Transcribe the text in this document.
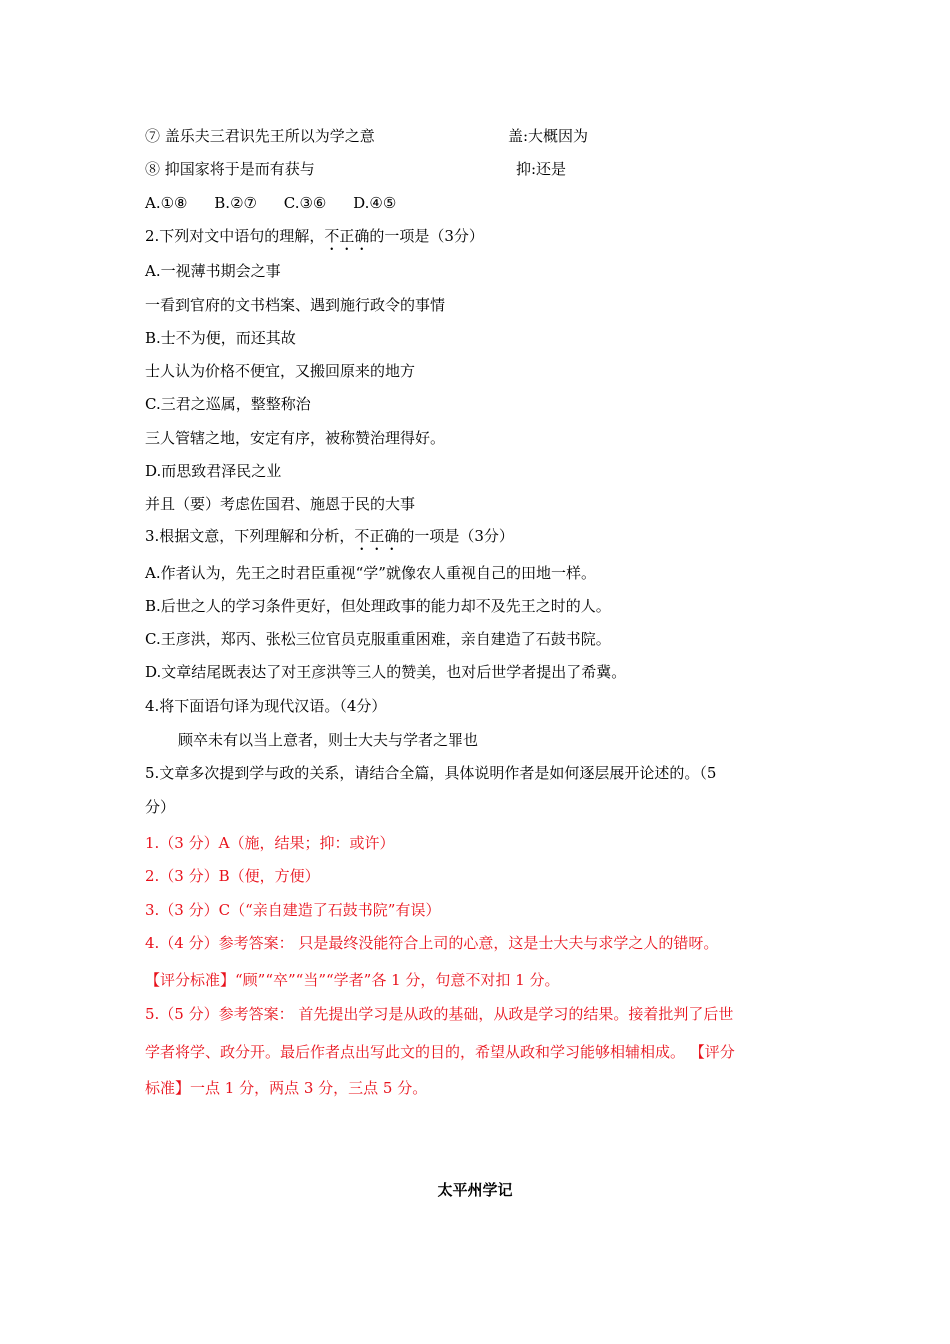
⑦ 盖乐夫三君识先王所以为学之意	盖:大概因为
⑧ 抑国家将于是而有获与	抑:还是
A.①⑧ B.②⑦ C.③⑥ D.④⑤
2.下列对文中语句的理解，不正确的一项是（3分）
A.一视薄书期会之事
一看到官府的文书档案、遇到施行政令的事情
B.士不为便，而还其故
士人认为价格不便宜，又搬回原来的地方
C.三君之巡属，整整称治
三人管辖之地，安定有序，被称赞治理得好。
D.而思致君泽民之业
并且（要）考虑佐国君、施恩于民的大事
3.根据文意，下列理解和分析，不正确的一项是（3分）
A.作者认为，先王之时君臣重视“学”就像农人重视自己的田地一样。
B.后世之人的学习条件更好，但处理政事的能力却不及先王之时的人。
C.王彦洪，郑丙、张松三位官员克服重重困难，亲自建造了石鼓书院。
D.文章结尾既表达了对王彦洪等三人的赞美，也对后世学者提出了希冀。
4.将下面语句译为现代汉语。（4分）
顾卒未有以当上意者，则士大夫与学者之罪也
5.文章多次提到学与政的关系，请结合全篇，具体说明作者是如何逐层展开论述的。（5
分）
1.（3 分）A（施，结果；抑：或许）
2.（3 分）B（便，方便）
3.（3 分）C（“亲自建造了石鼓书院”有误）
4.（4 分）参考答案： 只是最终没能符合上司的心意，这是士大夫与求学之人的错呀。
【评分标准】“顾”“卒”“当”“学者”各 1 分，句意不对扣 1 分。
5.（5 分）参考答案： 首先提出学习是从政的基础，从政是学习的结果。接着批判了后世
学者将学、政分开。最后作者点出写此文的目的，希望从政和学习能够相辅相成。 【评分
标准】一点 1 分，两点 3 分，三点 5 分。
太平州学记
